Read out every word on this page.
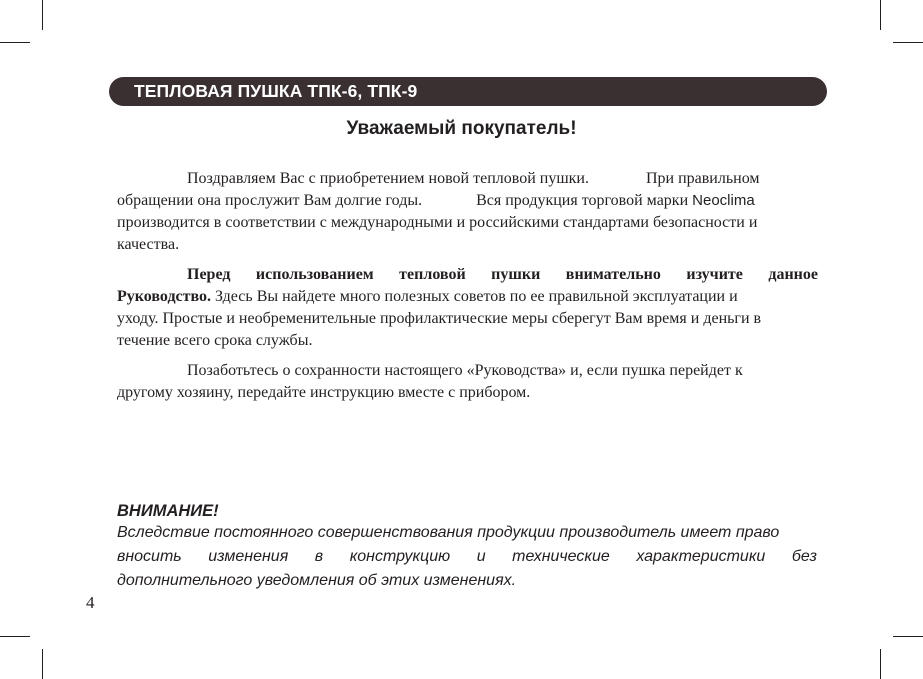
ТЕПЛОВАЯ ПУШКА ТПК-6, ТПК-9
Уважаемый покупатель!
Поздравляем Вас с приобретением новой тепловой пушки.	При правильном
обращении она прослужит Вам долгие годы.	Вся продукция торговой марки Neoclima
производится в соответствии с международными и российскими стандартами безопасности и
качества.
Перед использованием тепловой пушки внимательно изучите данное
Руководство. Здесь Вы найдете много полезных советов по ее правильной эксплуатации и
уходу. Простые и необременительные профилактические меры сберегут Вам время и деньги в
течение всего срока службы.
Позаботьтесь о сохранности настоящего «Руководства» и, если пушка перейдет к
другому хозяину, передайте инструкцию вместе с прибором.
ВНИМАНИЕ!
Вследствие постоянного совершенствования продукции производитель имеет право
вносить изменения в конструкцию и технические характеристики без
дополнительного уведомления об этих изменениях.
4
